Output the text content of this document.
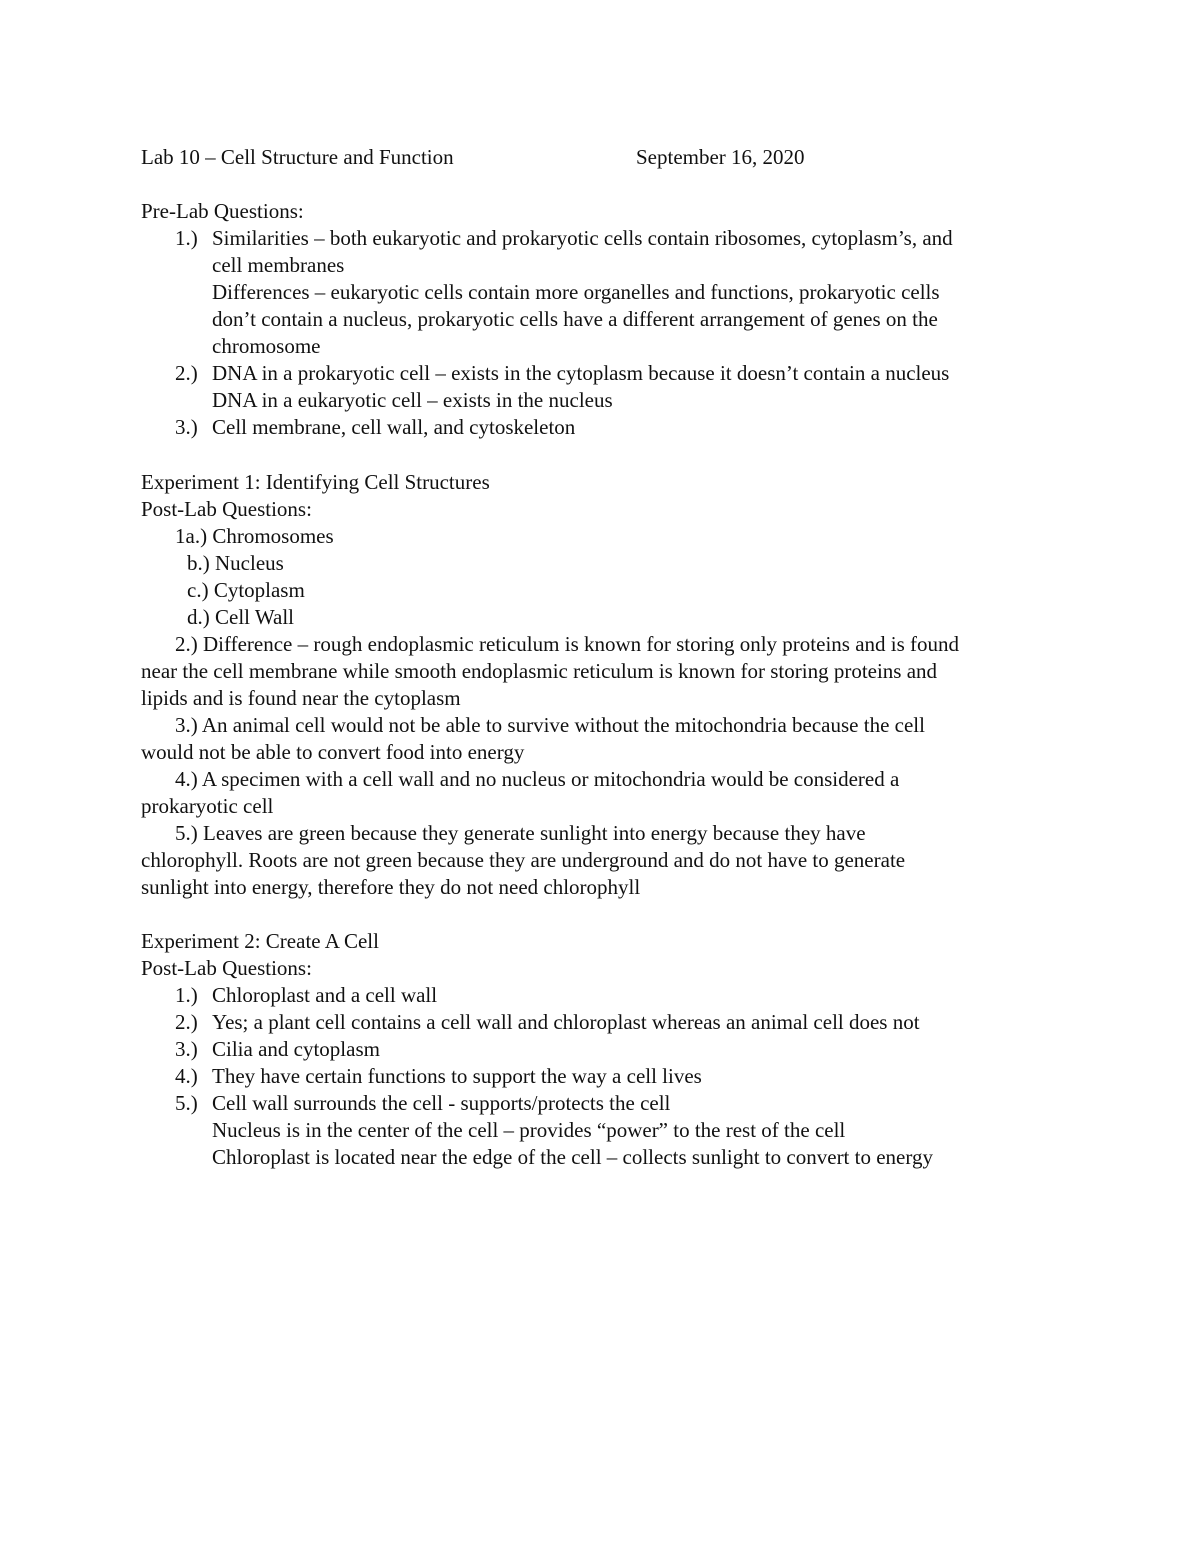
Lab 10 – Cell Structure and Function	September 16, 2020
Pre-Lab Questions:
1.) Similarities – both eukaryotic and prokaryotic cells contain ribosomes, cytoplasm’s, and
cell membranes
Differences – eukaryotic cells contain more organelles and functions, prokaryotic cells
don’t contain a nucleus, prokaryotic cells have a different arrangement of genes on the
chromosome
2.) DNA in a prokaryotic cell – exists in the cytoplasm because it doesn’t contain a nucleus
DNA in a eukaryotic cell – exists in the nucleus
3.) Cell membrane, cell wall, and cytoskeleton
Experiment 1: Identifying Cell Structures
Post-Lab Questions:
1a.) Chromosomes
b.) Nucleus
c.) Cytoplasm
d.) Cell Wall
2.) Difference – rough endoplasmic reticulum is known for storing only proteins and is found
near the cell membrane while smooth endoplasmic reticulum is known for storing proteins and
lipids and is found near the cytoplasm
3.) An animal cell would not be able to survive without the mitochondria because the cell
would not be able to convert food into energy
4.) A specimen with a cell wall and no nucleus or mitochondria would be considered a
prokaryotic cell
5.) Leaves are green because they generate sunlight into energy because they have
chlorophyll. Roots are not green because they are underground and do not have to generate
sunlight into energy, therefore they do not need chlorophyll
Experiment 2: Create A Cell
Post-Lab Questions:
1.) Chloroplast and a cell wall
2.) Yes; a plant cell contains a cell wall and chloroplast whereas an animal cell does not
3.) Cilia and cytoplasm
4.) They have certain functions to support the way a cell lives
5.) Cell wall surrounds the cell - supports/protects the cell
Nucleus is in the center of the cell – provides “power” to the rest of the cell
Chloroplast is located near the edge of the cell – collects sunlight to convert to energy
